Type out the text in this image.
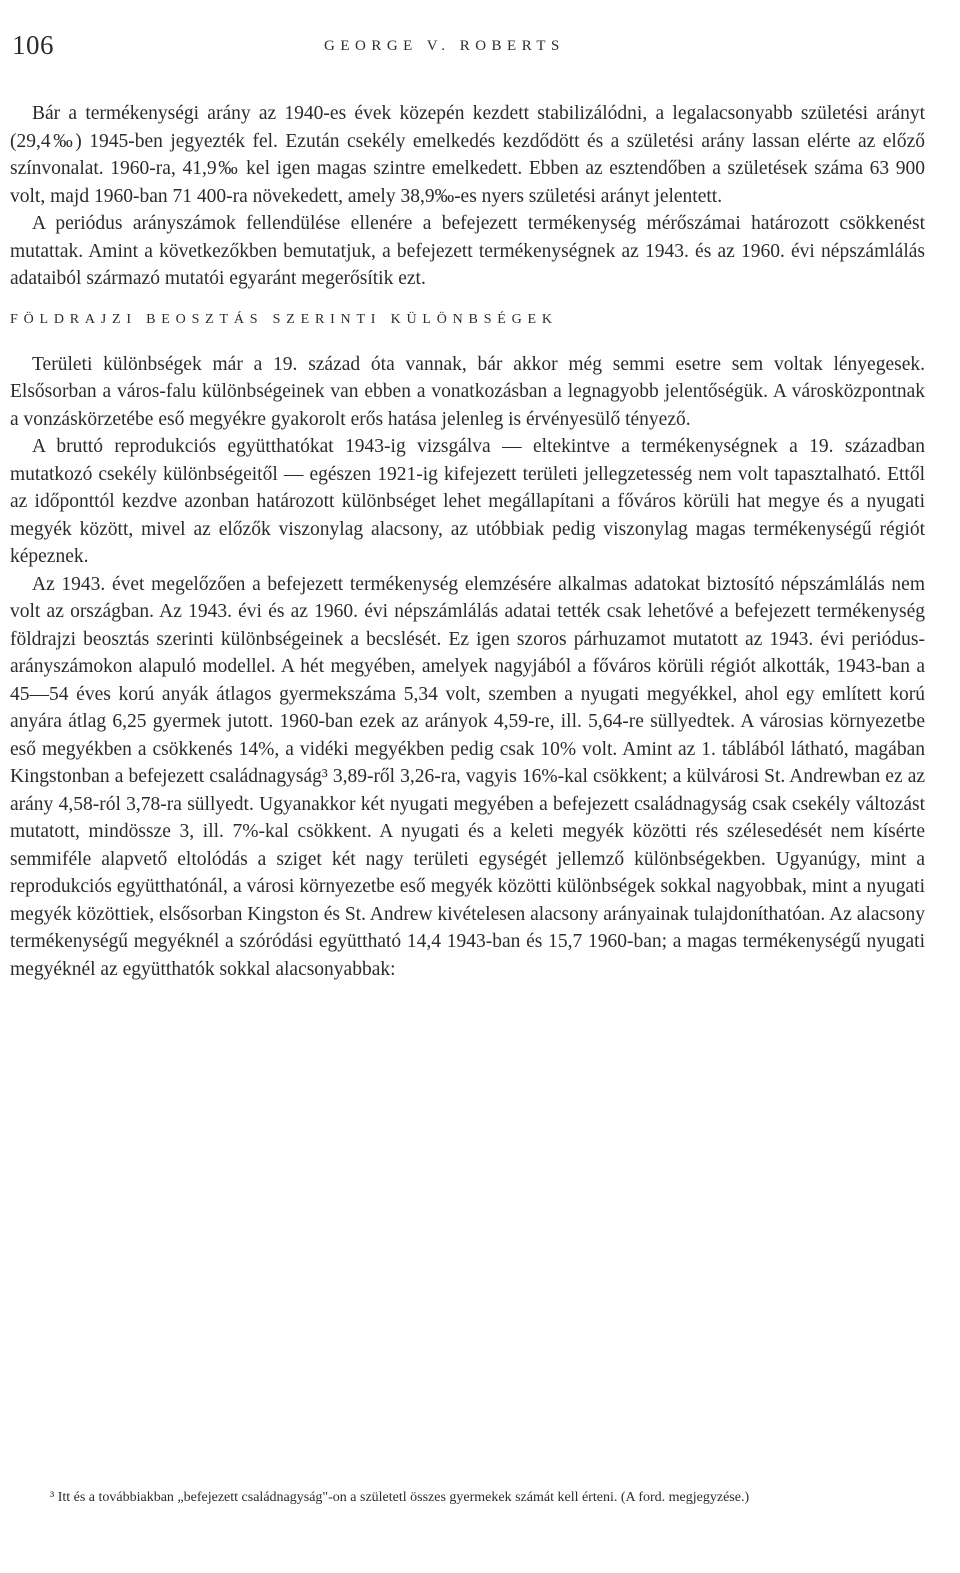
106	GEORGE V. ROBERTS

Bár a termékenységi arány az 1940-es évek közepén kezdett stabilizálódni, a legalacsonyabb születési arányt (29,4‰) 1945-ben jegyezték fel. Ezután csekély emelkedés kezdődött és a születési arány lassan elérte az előző színvonalat. 1960-ra, 41,9‰ kel igen magas szintre emelkedett. Ebben az esztendőben a születések száma 63 900 volt, majd 1960-ban 71 400-ra növekedett, amely 38,9‰-es nyers születési arányt jelentett.

A periódus arányszámok fellendülése ellenére a befejezett termékenység mérőszámai határozott csökkenést mutattak. Amint a következőkben bemutatjuk, a befejezett termékenységnek az 1943. és az 1960. évi népszámlálás adataiból származó mutatói egyaránt megerősítik ezt.

FÖLDRAJZI BEOSZTÁS SZERINTI KÜLÖNBSÉGEK

Területi különbségek már a 19. század óta vannak, bár akkor még semmi esetre sem voltak lényegesek. Elsősorban a város-falu különbségeinek van ebben a vonatkozásban a legnagyobb jelentőségük. A városközpontnak a vonzáskörzetébe eső megyékre gyakorolt erős hatása jelenleg is érvényesülő tényező.

A bruttó reprodukciós együtthatókat 1943-ig vizsgálva — eltekintve a termékenységnek a 19. században mutatkozó csekély különbségeitől — egészen 1921-ig kifejezett területi jellegzetesség nem volt tapasztalható. Ettől az időponttól kezdve azonban határozott különbséget lehet megállapítani a főváros körüli hat megye és a nyugati megyék között, mivel az előzők viszonylag alacsony, az utóbbiak pedig viszonylag magas termékenységű régiót képeznek.

Az 1943. évet megelőzően a befejezett termékenység elemzésére alkalmas adatokat biztosító népszámlálás nem volt az országban. Az 1943. évi és az 1960. évi népszámlálás adatai tették csak lehetővé a befejezett termékenység földrajzi beosztás szerinti különbségeinek a becslését. Ez igen szoros párhuzamot mutatott az 1943. évi periódus-arányszámokon alapuló modellel. A hét megyében, amelyek nagyjából a főváros körüli régiót alkották, 1943-ban a 45—54 éves korú anyák átlagos gyermekszáma 5,34 volt, szemben a nyugati megyékkel, ahol egy említett korú anyára átlag 6,25 gyermek jutott. 1960-ban ezek az arányok 4,59-re, ill. 5,64-re süllyedtek. A városias környezetbe eső megyékben a csökkenés 14%, a vidéki megyékben pedig csak 10% volt. Amint az 1. táblából látható, magában Kingstonban a befejezett családnagyság³ 3,89-ről 3,26-ra, vagyis 16%-kal csökkent; a külvárosi St. Andrewban ez az arány 4,58-ról 3,78-ra süllyedt. Ugyanakkor két nyugati megyében a befejezett családnagyság csak csekély változást mutatott, mindössze 3, ill. 7%-kal csökkent. A nyugati és a keleti megyék közötti rés szélesedését nem kísérte semmiféle alapvető eltolódás a sziget két nagy területi egységét jellemző különbségekben. Ugyanúgy, mint a reprodukciós együtthatónál, a városi környezetbe eső megyék közötti különbségek sokkal nagyobbak, mint a nyugati megyék közöttiek, elsősorban Kingston és St. Andrew kivételesen alacsony arányainak tulajdoníthatóan. Az alacsony termékenységű megyéknél a szóródási együttható 14,4 1943-ban és 15,7 1960-ban; a magas termékenységű nyugati megyéknél az együtthatók sokkal alacsonyabbak:

³ Itt és a továbbiakban „befejezett családnagyság"-on a születetl összes gyermekek számát kell érteni. (A ford. megjegyzése.)
